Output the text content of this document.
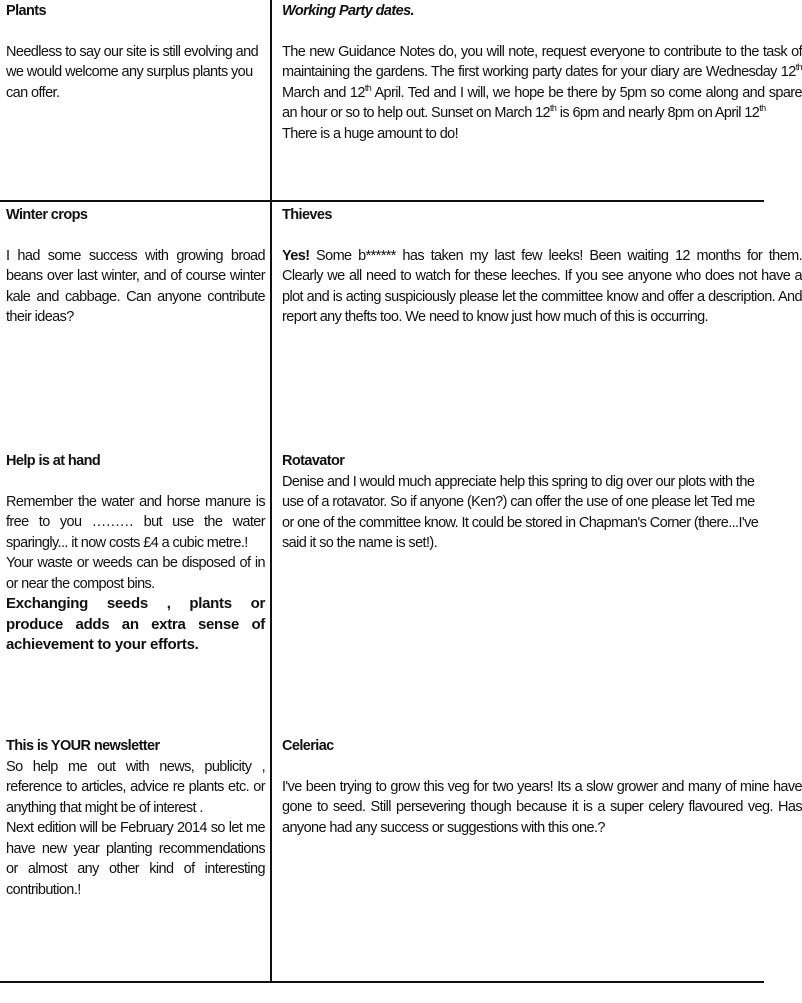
Plants

Needless to say our site is still evolving and we would welcome any surplus plants you can offer.

Winter crops

I had some success with growing broad beans over last winter, and of course winter kale and cabbage. Can anyone contribute their ideas?

Help is at hand

Remember the water and horse manure is free to you ……… but use the water sparingly... it now costs £4 a cubic metre.!

Your waste or weeds can be disposed of in or near the compost bins.

Exchanging seeds , plants or produce adds an extra sense of achievement to your efforts.

This is YOUR newsletter

So help me out with news, publicity , reference to articles, advice re plants etc. or anything that might be of interest .

Next edition will be February 2014 so let me have new year planting recommendations or almost any other kind of interesting contribution.!

Working Party dates.

The new Guidance Notes do, you will note, request everyone to contribute to the task of maintaining the gardens. The first working party dates for your diary are Wednesday 12th March and 12th April. Ted and I will, we hope be there by 5pm so come along and spare an hour or so to help out. Sunset on March 12th is 6pm and nearly 8pm on April 12th

There is a huge amount to do!

Thieves

Yes! Some b****** has taken my last few leeks! Been waiting 12 months for them. Clearly we all need to watch for these leeches. If you see anyone who does not have a plot and is acting suspiciously please let the committee know and offer a description. And report any thefts too. We need to know just how much of this is occurring.

Rotavator

Denise and I would much appreciate help this spring to dig over our plots with the use of a rotavator. So if anyone (Ken?) can offer the use of one please let Ted me or one of the committee know. It could be stored in Chapman's Corner (there...I've said it so the name is set!).

Celeriac

I've been trying to grow this veg for two years! Its a slow grower and many of mine have gone to seed. Still persevering though because it is a super celery flavoured veg. Has anyone had any success or suggestions with this one.?
